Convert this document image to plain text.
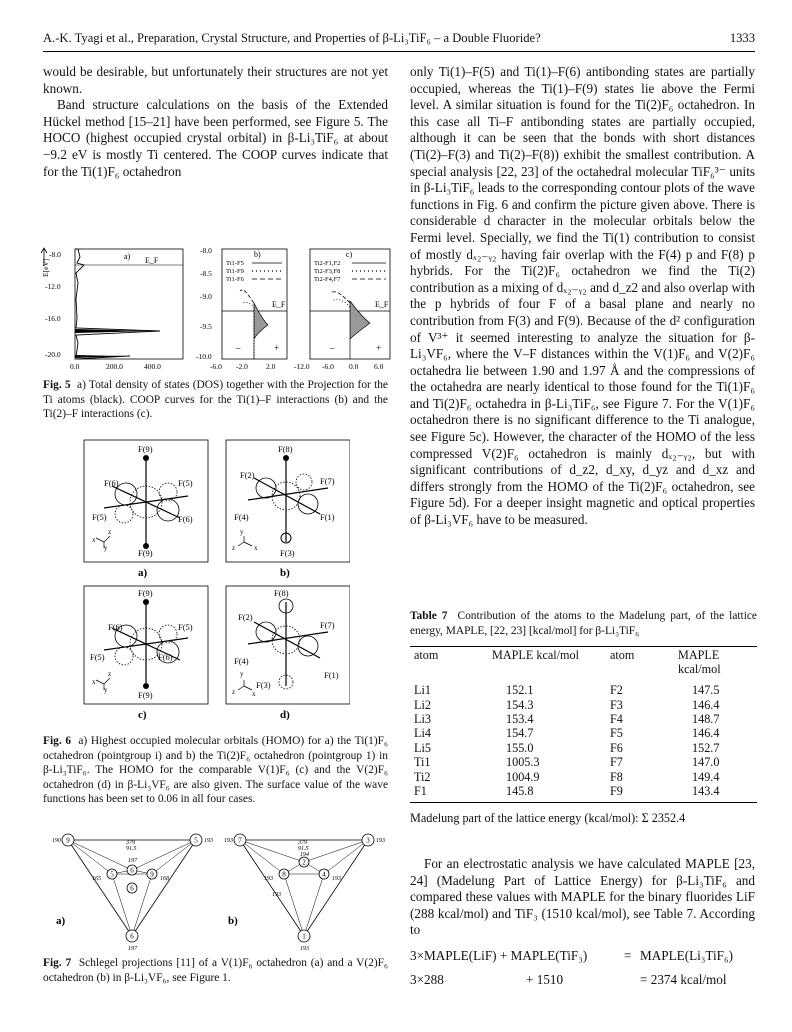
A.-K. Tyagi et al., Preparation, Crystal Structure, and Properties of β-Li₃TiF₆ – a Double Fluoride?	1333

would be desirable, but unfortunately their structures are not yet known.

Band structure calculations on the basis of the Extended Hückel method [15–21] have been performed, see Figure 5. The HOCO (highest occupied crystal orbital) in β-Li₃TiF₆ at about −9.2 eV is mostly Ti centered. The COOP curves indicate that for the Ti(1)F₆ octahedron

-8.0
-12.0
-16.0
-20.0
0.0	200.0	400.0
E[eV]
a) E_F
-8.0
-8.5
-9.0
-9.5
-10.0
-6.0 -2.0 2.0
b)
Ti1-F5
Ti1-F9
Ti1-F6
E_F
–	+
-12.0 -6.0 0.0 6.0
c)
Ti2-F1,F2
Ti2-F3,F8
Ti2-F4,F7
E_F
–	+
Fig. 5 a) Total density of states (DOS) together with the Projection for the Ti atoms (black). COOP curves for the Ti(1)–F interactions (b) and the Ti(2)–F interactions (c).
F(9)
F(6)	F(5)
F(5)	F(6)
F(9)
x
y
z
a)
F(8)
F(2)
F(7)
F(4)	F(1)
F(3)
y
z	x
b)
F(9)
F(6)	F(5)
F(5)	F(6)
F(9)
x
y
z
c)
F(8)
F(2)
F(7)
F(4)
F(1)
F(3)
y
z x
d)
Fig. 6 a) Highest occupied molecular orbitals (HOMO) for a) the Ti(1)F₆ octahedron (pointgroup i) and b) the Ti(2)F₆ octahedron (pointgroup 1) in β-Li₃TiF₆. The HOMO for the comparable V(1)F₆ (c) and the V(2)F₆ octahedron (d) in β-Li₃VF₆ are also given. The surface value of the wave functions has been set to 0.06 in all four cases.
9	5
6
6
5	9
6
190	193
197
165	168
197
379
91.5
a)
7	3
2
8	4
1
193	193
194
193	193
193
193
379
91.5
b)
Fig. 7 Schlegel projections [11] of a V(1)F₆ octahedron (a) and a V(2)F₆ octahedron (b) in β-Li₃VF₆, see Figure 1.

only Ti(1)–F(5) and Ti(1)–F(6) antibonding states are partially occupied, whereas the Ti(1)–F(9) states lie above the Fermi level. A similar situation is found for the Ti(2)F₆ octahedron. In this case all Ti–F antibonding states are partially occupied, although it can be seen that the bonds with short distances (Ti(2)–F(3) and Ti(2)–F(8)) exhibit the smallest contribution. A special analysis [22, 23] of the octahedral molecular TiF₆³⁻ units in β-Li₃TiF₆ leads to the corresponding contour plots of the wave functions in Fig. 6 and confirm the picture given above. There is considerable d character in the molecular orbitals below the Fermi level. Specially, we find the Ti(1) contribution to consist of mostly dₓ₂₋ᵧ₂ having fair overlap with the F(4) p and F(8) p hybrids. For the Ti(2)F₆ octahedron we find the Ti(2) contribution as a mixing of dₓ₂₋ᵧ₂ and d_z2 and also overlap with the p hybrids of four F of a basal plane and nearly no contribution from F(3) and F(9). Because of the d² configuration of V³⁺ it seemed interesting to analyze the situation for β-Li₃VF₆, where the V–F distances within the V(1)F₆ and V(2)F₆ octahedra lie between 1.90 and 1.97 Å and the compressions of the octahedra are nearly identical to those found for the Ti(1)F₆ and Ti(2)F₆ octahedra in β-Li₃TiF₆, see Figure 7. For the V(1)F₆ octahedron there is no significant difference to the Ti analogue, see Figure 5c). However, the character of the HOMO of the less compressed V(2)F₆ octahedron is mainly dₓ₂₋ᵧ₂, but with significant contributions of d_z2, d_xy, d_yz and d_xz and differs strongly from the HOMO of the Ti(2)F₆ octahedron, see Figure 5d). For a deeper insight magnetic and optical properties of β-Li₃VF₆ have to be measured.

Table 7 Contribution of the atoms to the Madelung part, of the lattice energy, MAPLE, [22, 23] [kcal/mol] for β-Li₃TiF₆
atom	MAPLE kcal/mol	atom	MAPLE kcal/mol
Li1	152.1	F2	147.5
Li2	154.3	F3	146.4
Li3	153.4	F4	148.7
Li4	154.7	F5	146.4
Li5	155.0	F6	152.7
Ti1	1005.3	F7	147.0
Ti2	1004.9	F8	149.4
F1	145.8	F9	143.4
Madelung part of the lattice energy (kcal/mol): Σ 2352.4

For an electrostatic analysis we have calculated MAPLE [23, 24] (Madelung Part of Lattice Energy) for β-Li₃TiF₆ and compared these values with MAPLE for the binary fluorides LiF (288 kcal/mol) and TiF₃ (1510 kcal/mol), see Table 7. According to

3×MAPLE(LiF) + MAPLE(TiF₃)	= MAPLE(Li₃TiF₆)
3×288	+ 1510	= 2374 kcal/mol
